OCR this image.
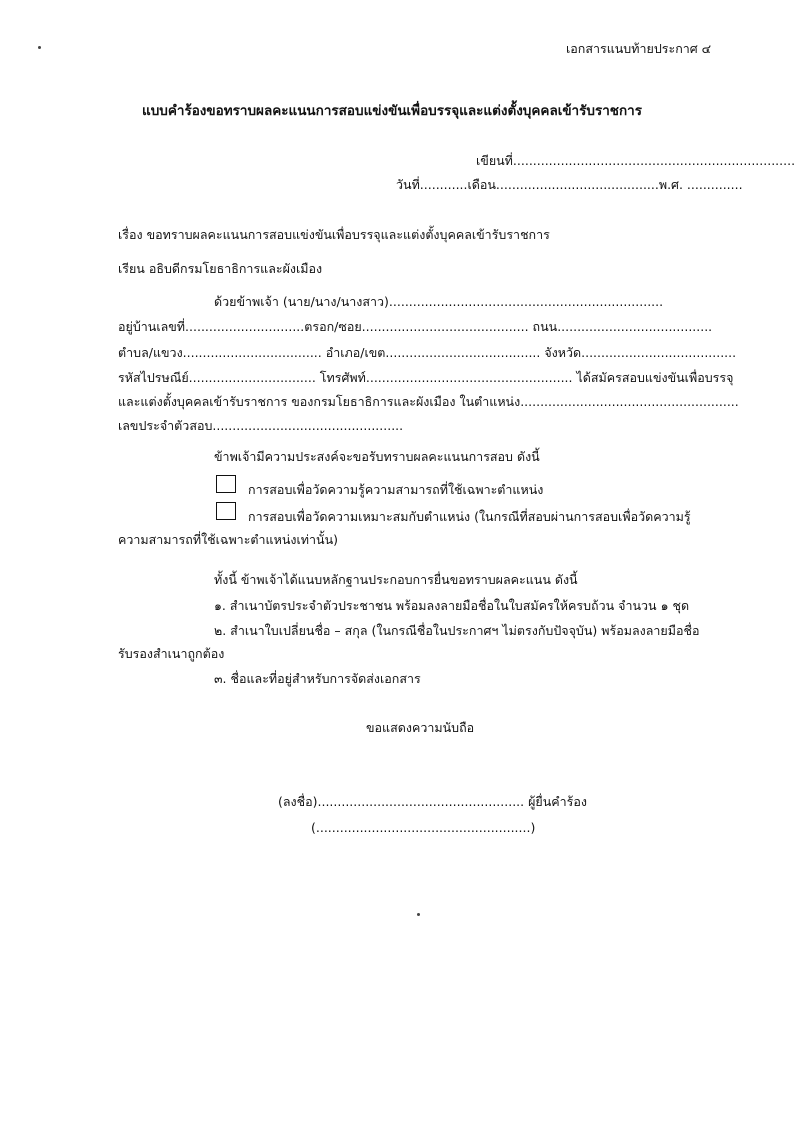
เอกสารแนบท้ายประกาศ ๔
แบบคำร้องขอทราบผลคะแนนการสอบแข่งขันเพื่อบรรจุและแต่งตั้งบุคคลเข้ารับราชการ
เขียนที่.......................................................................
วันที่............เดือน.........................................พ.ศ. ..............
เรื่อง ขอทราบผลคะแนนการสอบแข่งขันเพื่อบรรจุและแต่งตั้งบุคคลเข้ารับราชการ
เรียน อธิบดีกรมโยธาธิการและผังเมือง
ด้วยข้าพเจ้า (นาย/นาง/นางสาว).....................................................................
อยู่บ้านเลขที่..............................ตรอก/ซอย.......................................... ถนน.......................................
ตำบล/แขวง................................... อำเภอ/เขต....................................... จังหวัด.......................................
รหัสไปรษณีย์................................ โทรศัพท์.................................................... ได้สมัครสอบแข่งขันเพื่อบรรจุ
และแต่งตั้งบุคคลเข้ารับราชการ ของกรมโยธาธิการและผังเมือง ในตำแหน่ง.......................................................
เลขประจำตัวสอบ................................................
ข้าพเจ้ามีความประสงค์จะขอรับทราบผลคะแนนการสอบ ดังนี้
การสอบเพื่อวัดความรู้ความสามารถที่ใช้เฉพาะตำแหน่ง
การสอบเพื่อวัดความเหมาะสมกับตำแหน่ง (ในกรณีที่สอบผ่านการสอบเพื่อวัดความรู้
ความสามารถที่ใช้เฉพาะตำแหน่งเท่านั้น)
ทั้งนี้ ข้าพเจ้าได้แนบหลักฐานประกอบการยื่นขอทราบผลคะแนน ดังนี้
๑. สำเนาบัตรประจำตัวประชาชน พร้อมลงลายมือชื่อในใบสมัครให้ครบถ้วน จำนวน ๑ ชุด
๒. สำเนาใบเปลี่ยนชื่อ – สกุล (ในกรณีชื่อในประกาศฯ ไม่ตรงกับปัจจุบัน) พร้อมลงลายมือชื่อ
รับรองสำเนาถูกต้อง
๓. ชื่อและที่อยู่สำหรับการจัดส่งเอกสาร
ขอแสดงความนับถือ
(ลงชื่อ).................................................... ผู้ยื่นคำร้อง
(......................................................)
